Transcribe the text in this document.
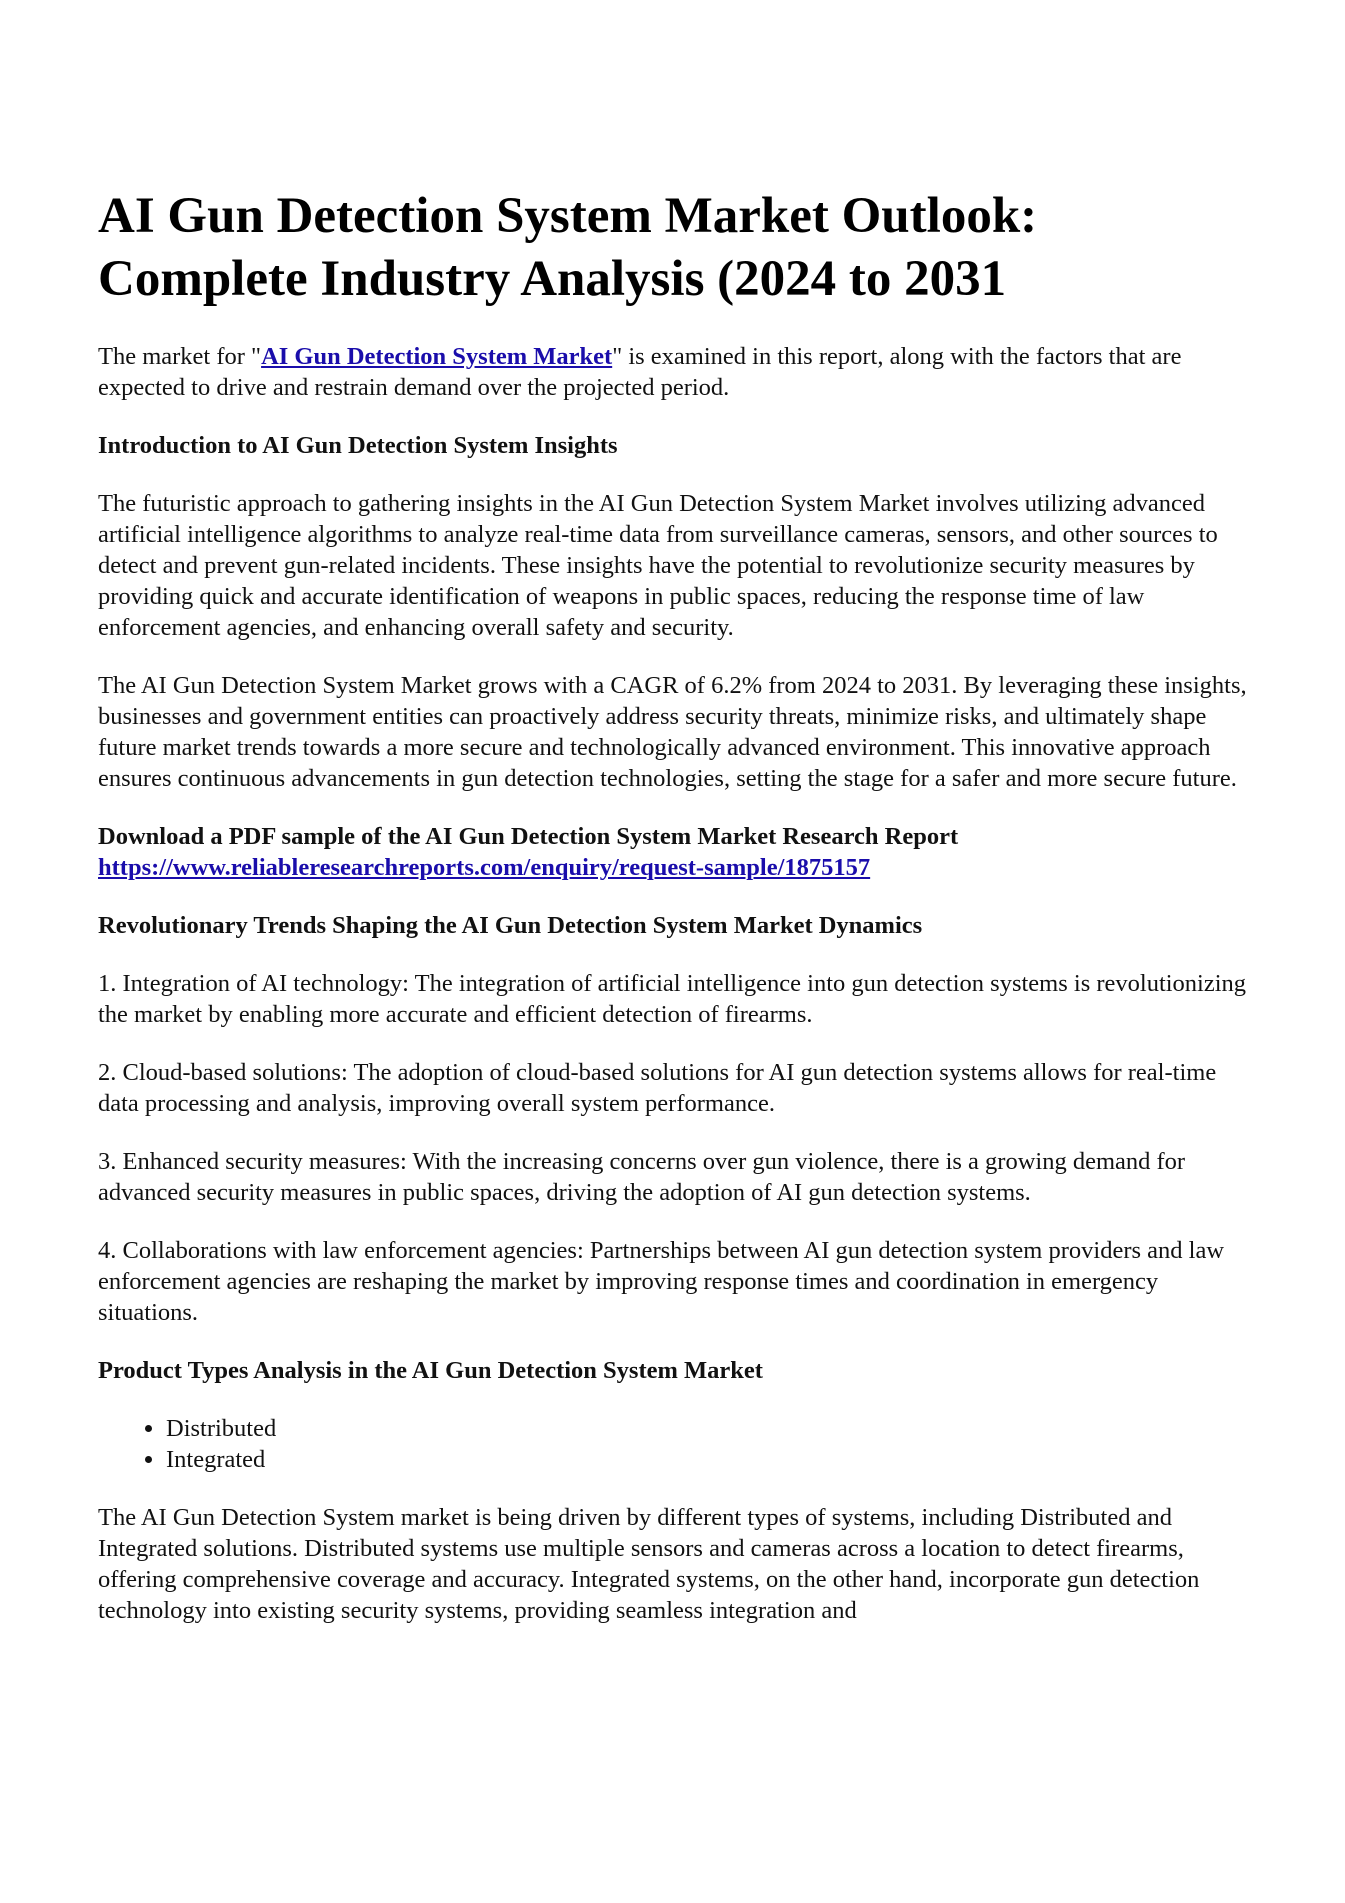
AI Gun Detection System Market Outlook: Complete Industry Analysis (2024 to 2031

The market for "AI Gun Detection System Market" is examined in this report, along with the factors that are expected to drive and restrain demand over the projected period.

Introduction to AI Gun Detection System Insights

The futuristic approach to gathering insights in the AI Gun Detection System Market involves utilizing advanced artificial intelligence algorithms to analyze real-time data from surveillance cameras, sensors, and other sources to detect and prevent gun-related incidents. These insights have the potential to revolutionize security measures by providing quick and accurate identification of weapons in public spaces, reducing the response time of law enforcement agencies, and enhancing overall safety and security.

The AI Gun Detection System Market grows with a CAGR of 6.2% from 2024 to 2031. By leveraging these insights, businesses and government entities can proactively address security threats, minimize risks, and ultimately shape future market trends towards a more secure and technologically advanced environment. This innovative approach ensures continuous advancements in gun detection technologies, setting the stage for a safer and more secure future.

Download a PDF sample of the AI Gun Detection System Market Research Report
https://www.reliableresearchreports.com/enquiry/request-sample/1875157

Revolutionary Trends Shaping the AI Gun Detection System Market Dynamics

1. Integration of AI technology: The integration of artificial intelligence into gun detection systems is revolutionizing the market by enabling more accurate and efficient detection of firearms.

2. Cloud-based solutions: The adoption of cloud-based solutions for AI gun detection systems allows for real-time data processing and analysis, improving overall system performance.

3. Enhanced security measures: With the increasing concerns over gun violence, there is a growing demand for advanced security measures in public spaces, driving the adoption of AI gun detection systems.

4. Collaborations with law enforcement agencies: Partnerships between AI gun detection system providers and law enforcement agencies are reshaping the market by improving response times and coordination in emergency situations.

Product Types Analysis in the AI Gun Detection System Market

• Distributed
• Integrated

The AI Gun Detection System market is being driven by different types of systems, including Distributed and Integrated solutions. Distributed systems use multiple sensors and cameras across a location to detect firearms, offering comprehensive coverage and accuracy. Integrated systems, on the other hand, incorporate gun detection technology into existing security systems, providing seamless integration and
